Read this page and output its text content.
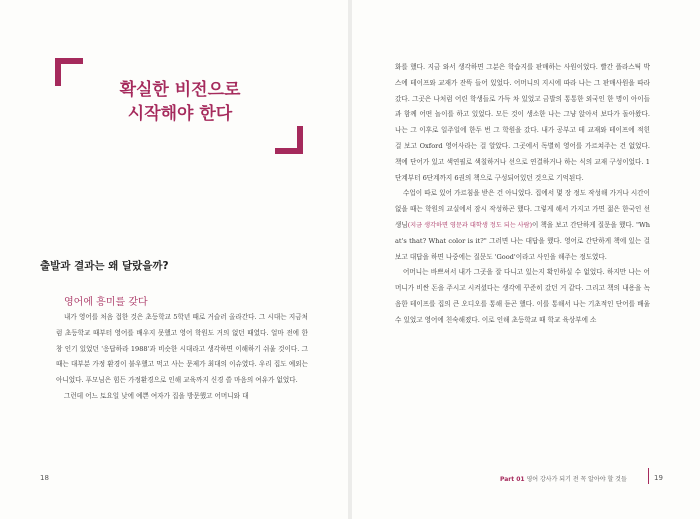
확실한 비전으로
시작해야 한다
출발과 결과는 왜 달랐을까?
영어에 흥미를 갖다

내가 영어를 처음 접한 것은 초등학교 5학년 때로 거슬러 올라간다. 그 시대는 지금처럼 초등학교 때부터 영어를 배우지 못했고 영어 학원도 거의 없던 때였다. 얼마 전에 한창 인기 있었던 '응답하라 1988'과 비슷한 시대라고 생각하면 이해하기 쉬울 것이다. 그때는 대부분 가정 환경이 불우했고 먹고 사는 문제가 최대의 이슈였다. 우리 집도 예외는 아니었다. 푸모님은 힘든 가정환경으로 인해 교육까지 신경 쓸 마음의 여유가 없었다.

그런데 어느 토요일 낮에 예쁜 여자가 집을 방문했고 어머니와 대

18

화를 했다. 지금 와서 생각하면 그분은 학습지를 판매하는 사원이었다. 빨간 플라스틱 박스에 테이프와 교재가 잔뜩 들어 있었다. 어머니의 지시에 따라 나는 그 판매사원을 따라갔다. 그곳은 나처럼 어린 학생들로 가득 차 있었고 금발의 통통한 외국인 한 명이 아이들과 함께 어떤 놀이를 하고 있었다. 모든 것이 생소한 나는 그냥 앉아서 보다가 돌아왔다. 나는 그 이후로 일주일에 한두 번 그 학원을 갔다. 내가 공부고 테 교재와 테이프에 적힌 걸 보고 Oxford 영어사라는 걸 알았다. 그곳에서 독별히 영어를 가르쳐주는 건 없었다. 책에 단어가 있고 색연필로 색칠하거나 선으로 연결하거나 하는 식의 교재 구성이었다. 1단계부터 6단계까지 6권의 책으로 구성되어있던 것으로 기억된다.

수업이 따로 있어 가르침을 받은 건 아니었다. 집에서 몇 장 정도 작성해 가거나 시간이 없을 때는 학원의 교실에서 잠시 작성하곤 했다. 그렇게 해서 가지고 가면 젊은 한국인 선생님(지금 생각하면 영문과 대학생 정도 되는 사람)이 책을 보고 간단하게 질문을 했다. "What's that? What color is it?" 그러면 나는 대답을 했다. 영어로 간단하게 책에 있는 걸 보고 대답을 하면 나중에는 질문도 'Good'이라고 사인을 해주는 정도였다.

어머니는 바쁘셔서 내가 그곳을 잘 다니고 있는지 확인하실 수 없었다. 하지만 나는 어머니가 비싼 돈을 주시고 시켜셨다는 생각에 꾸준히 갔던 거 같다. 그리고 책의 내용을 녹음한 테이프를 집의 큰 오디오를 통해 듣곤 했다. 이를 통해서 나는 기초적인 단어를 배울 수 있었고 영어에 친숙해졌다. 이로 인해 초등학교 때 학교 육상부에 소

Part 01 영어 강사가 되기 전 꼭 알아야 할 것들	19
